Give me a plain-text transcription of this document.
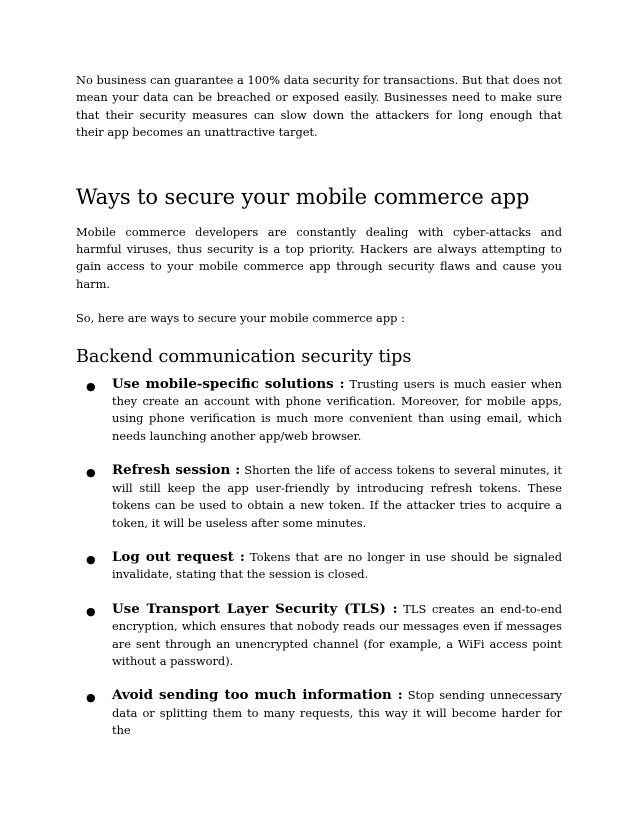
No business can guarantee a 100% data security for transactions. But that does not mean your data can be breached or exposed easily. Businesses need to make sure that their security measures can slow down the attackers for long enough that their app becomes an unattractive target.

Ways to secure your mobile commerce app

Mobile commerce developers are constantly dealing with cyber-attacks and harmful viruses, thus security is a top priority. Hackers are always attempting to gain access to your mobile commerce app through security flaws and cause you harm.

So, here are ways to secure your mobile commerce app :

Backend communication security tips
● Use mobile-specific solutions : Trusting users is much easier when they create an account with phone verification. Moreover, for mobile apps, using phone verification is much more convenient than using email, which needs launching another app/web browser.
● Refresh session : Shorten the life of access tokens to several minutes, it will still keep the app user-friendly by introducing refresh tokens. These tokens can be used to obtain a new token. If the attacker tries to acquire a token, it will be useless after some minutes.
● Log out request : Tokens that are no longer in use should be signaled invalidate, stating that the session is closed.
● Use Transport Layer Security (TLS) : TLS creates an end-to-end encryption, which ensures that nobody reads our messages even if messages are sent through an unencrypted channel (for example, a WiFi access point without a password).
● Avoid sending too much information : Stop sending unnecessary data or splitting them to many requests, this way it will become harder for the
